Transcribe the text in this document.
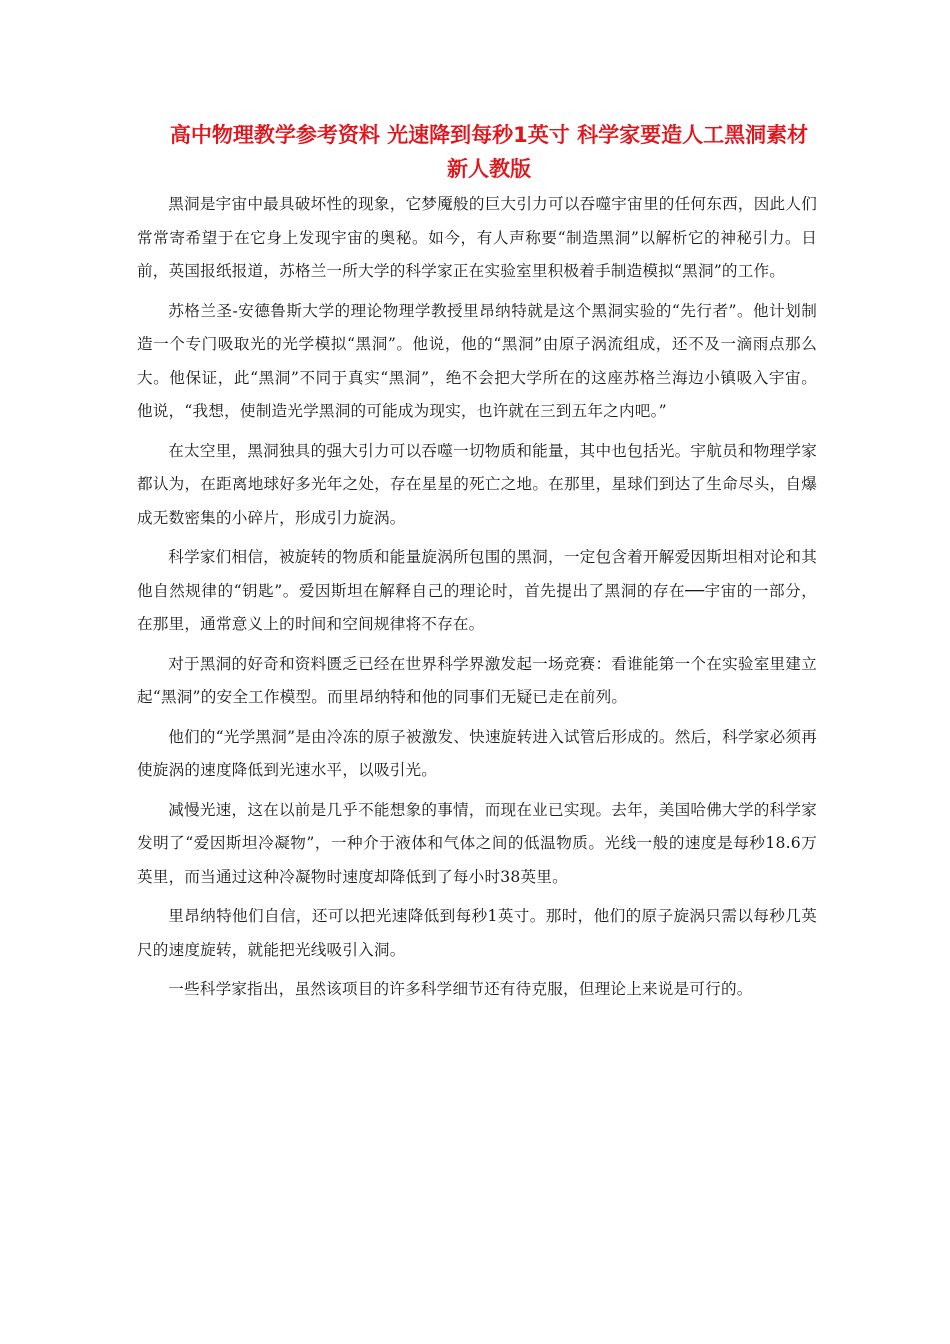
高中物理教学参考资料 光速降到每秒1英寸 科学家要造人工黑洞素材 新人教版

黑洞是宇宙中最具破坏性的现象，它梦魇般的巨大引力可以吞噬宇宙里的任何东西，因此人们常常寄希望于在它身上发现宇宙的奥秘。如今，有人声称要“制造黑洞”以解析它的神秘引力。日前，英国报纸报道，苏格兰一所大学的科学家正在实验室里积极着手制造模拟“黑洞”的工作。

苏格兰圣-安德鲁斯大学的理论物理学教授里昂纳特就是这个黑洞实验的“先行者”。他计划制造一个专门吸取光的光学模拟“黑洞”。他说，他的“黑洞”由原子涡流组成，还不及一滴雨点那么大。他保证，此“黑洞”不同于真实“黑洞”，绝不会把大学所在的这座苏格兰海边小镇吸入宇宙。他说，“我想，使制造光学黑洞的可能成为现实，也许就在三到五年之内吧。”

在太空里，黑洞独具的强大引力可以吞噬一切物质和能量，其中也包括光。宇航员和物理学家都认为，在距离地球好多光年之处，存在星星的死亡之地。在那里，星球们到达了生命尽头，自爆成无数密集的小碎片，形成引力旋涡。

科学家们相信，被旋转的物质和能量旋涡所包围的黑洞，一定包含着开解爱因斯坦相对论和其他自然规律的“钥匙”。爱因斯坦在解释自己的理论时，首先提出了黑洞的存在──宇宙的一部分，在那里，通常意义上的时间和空间规律将不存在。

对于黑洞的好奇和资料匮乏已经在世界科学界激发起一场竞赛：看谁能第一个在实验室里建立起“黑洞”的安全工作模型。而里昂纳特和他的同事们无疑已走在前列。

他们的“光学黑洞”是由冷冻的原子被激发、快速旋转进入试管后形成的。然后，科学家必须再使旋涡的速度降低到光速水平，以吸引光。

减慢光速，这在以前是几乎不能想象的事情，而现在业已实现。去年，美国哈佛大学的科学家发明了“爱因斯坦冷凝物”，一种介于液体和气体之间的低温物质。光线一般的速度是每秒18.6万英里，而当通过这种冷凝物时速度却降低到了每小时38英里。

里昂纳特他们自信，还可以把光速降低到每秒1英寸。那时，他们的原子旋涡只需以每秒几英尺的速度旋转，就能把光线吸引入洞。

一些科学家指出，虽然该项目的许多科学细节还有待克服，但理论上来说是可行的。
